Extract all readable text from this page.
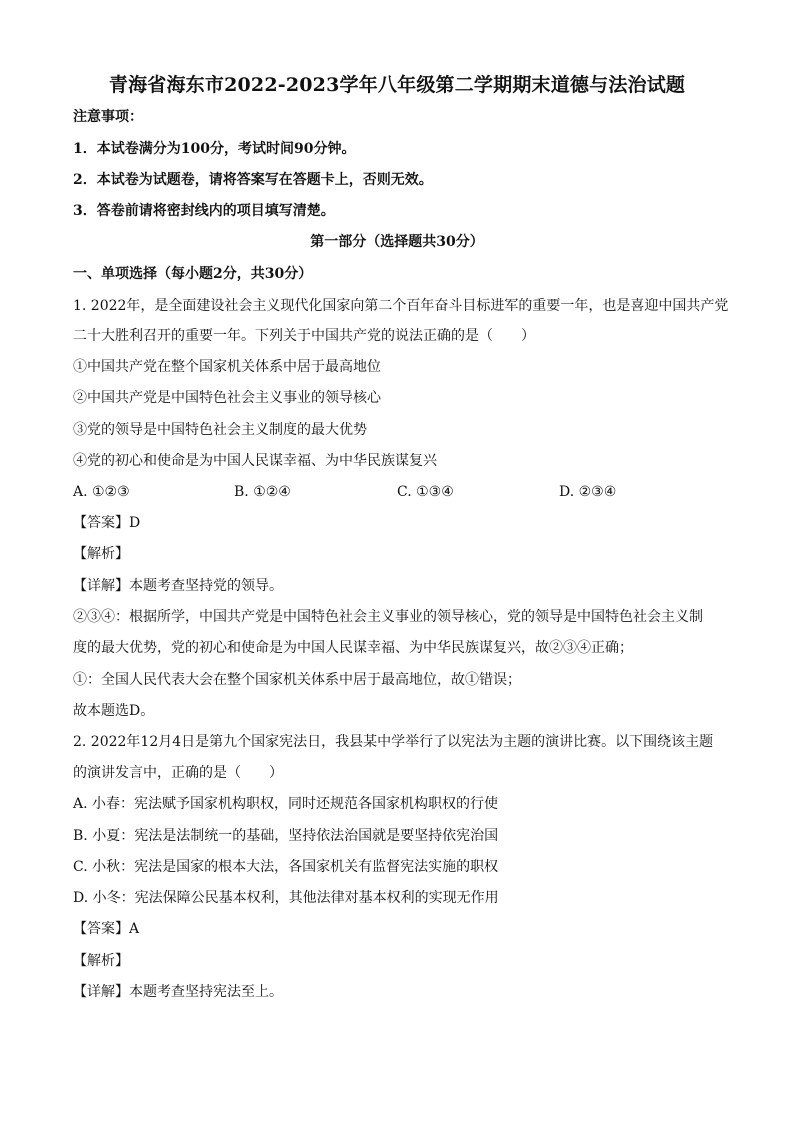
青海省海东市2022-2023学年八年级第二学期期末道德与法治试题
注意事项：
1．本试卷满分为100分，考试时间90分钟。
2．本试卷为试题卷，请将答案写在答题卡上，否则无效。
3．答卷前请将密封线内的项目填写清楚。
第一部分（选择题共30分）
一、单项选择（每小题2分，共30分）
1. 2022年，是全面建设社会主义现代化国家向第二个百年奋斗目标进军的重要一年，也是喜迎中国共产党
二十大胜利召开的重要一年。下列关于中国共产党的说法正确的是（　　）
①中国共产党在整个国家机关体系中居于最高地位
②中国共产党是中国特色社会主义事业的领导核心
③党的领导是中国特色社会主义制度的最大优势
④党的初心和使命是为中国人民谋幸福、为中华民族谋复兴
A. ①②③	B. ①②④	C. ①③④	D. ②③④
【答案】D
【解析】
【详解】本题考查坚持党的领导。
②③④：根据所学，中国共产党是中国特色社会主义事业的领导核心，党的领导是中国特色社会主义制
度的最大优势，党的初心和使命是为中国人民谋幸福、为中华民族谋复兴，故②③④正确；
①：全国人民代表大会在整个国家机关体系中居于最高地位，故①错误；
故本题选D。
2. 2022年12月4日是第九个国家宪法日，我县某中学举行了以宪法为主题的演讲比赛。以下围绕该主题
的演讲发言中，正确的是（　　）
A. 小春：宪法赋予国家机构职权，同时还规范各国家机构职权的行使
B. 小夏：宪法是法制统一的基础，坚持依法治国就是要坚持依宪治国
C. 小秋：宪法是国家的根本大法，各国家机关有监督宪法实施的职权
D. 小冬：宪法保障公民基本权利，其他法律对基本权利的实现无作用
【答案】A
【解析】
【详解】本题考查坚持宪法至上。
